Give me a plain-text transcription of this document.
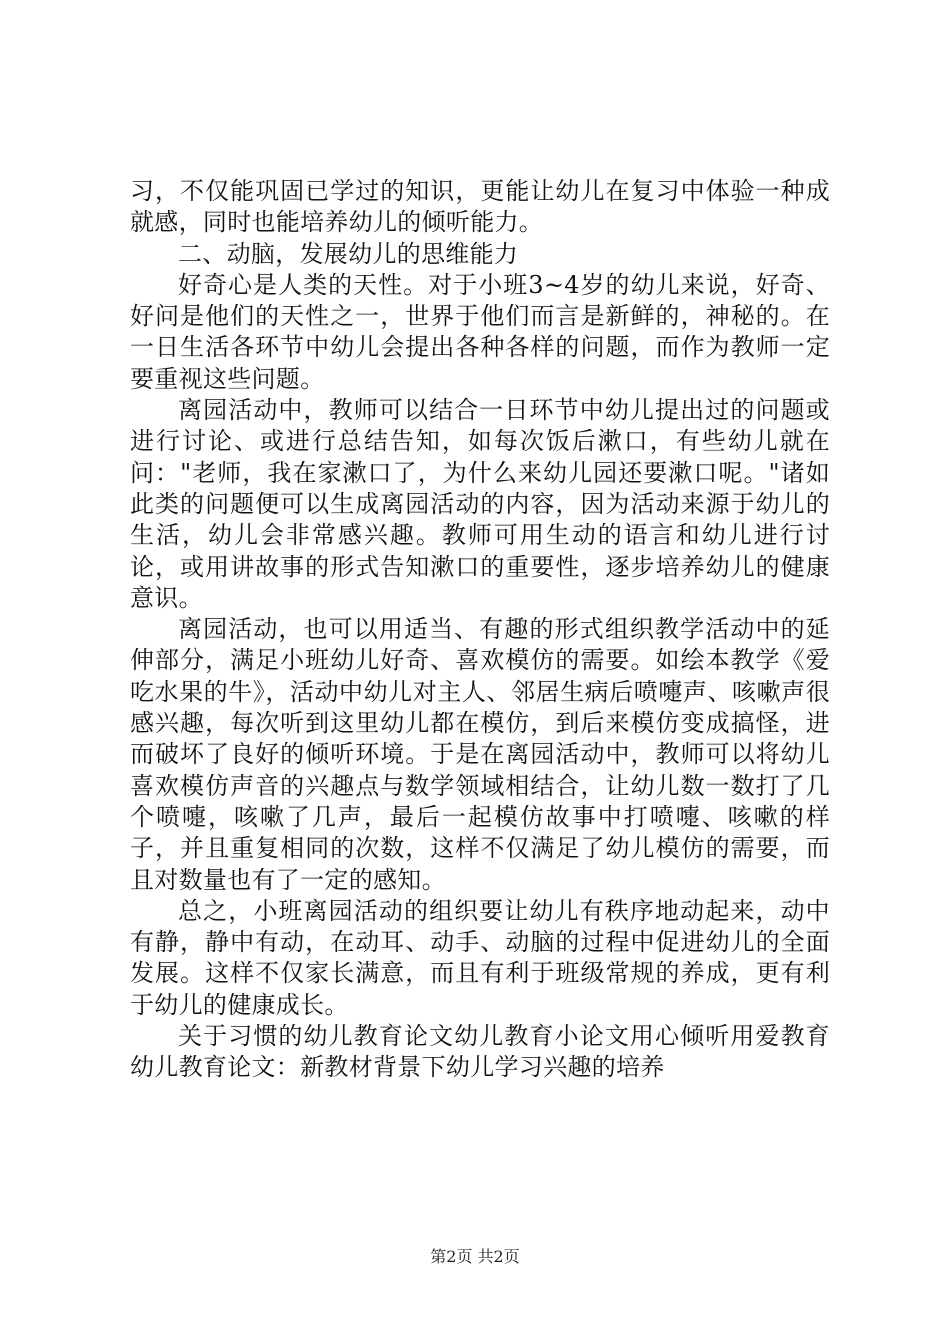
习，不仅能巩固已学过的知识，更能让幼儿在复习中体验一种成就感，同时也能培养幼儿的倾听能力。

二、动脑，发展幼儿的思维能力

好奇心是人类的天性。对于小班3~4岁的幼儿来说，好奇、好问是他们的天性之一，世界于他们而言是新鲜的，神秘的。在一日生活各环节中幼儿会提出各种各样的问题，而作为教师一定要重视这些问题。

离园活动中，教师可以结合一日环节中幼儿提出过的问题或进行讨论、或进行总结告知，如每次饭后漱口，有些幼儿就在问："老师，我在家漱口了，为什么来幼儿园还要漱口呢。"诸如此类的问题便可以生成离园活动的内容，因为活动来源于幼儿的生活，幼儿会非常感兴趣。教师可用生动的语言和幼儿进行讨论，或用讲故事的形式告知漱口的重要性，逐步培养幼儿的健康意识。

离园活动，也可以用适当、有趣的形式组织教学活动中的延伸部分，满足小班幼儿好奇、喜欢模仿的需要。如绘本教学《爱吃水果的牛》，活动中幼儿对主人、邻居生病后喷嚏声、咳嗽声很感兴趣，每次听到这里幼儿都在模仿，到后来模仿变成搞怪，进而破坏了良好的倾听环境。于是在离园活动中，教师可以将幼儿喜欢模仿声音的兴趣点与数学领域相结合，让幼儿数一数打了几个喷嚏，咳嗽了几声，最后一起模仿故事中打喷嚏、咳嗽的样子，并且重复相同的次数，这样不仅满足了幼儿模仿的需要，而且对数量也有了一定的感知。

总之，小班离园活动的组织要让幼儿有秩序地动起来，动中有静，静中有动，在动耳、动手、动脑的过程中促进幼儿的全面发展。这样不仅家长满意，而且有利于班级常规的养成，更有利于幼儿的健康成长。

关于习惯的幼儿教育论文幼儿教育小论文用心倾听用爱教育幼儿教育论文：新教材背景下幼儿学习兴趣的培养

第2页 共2页
